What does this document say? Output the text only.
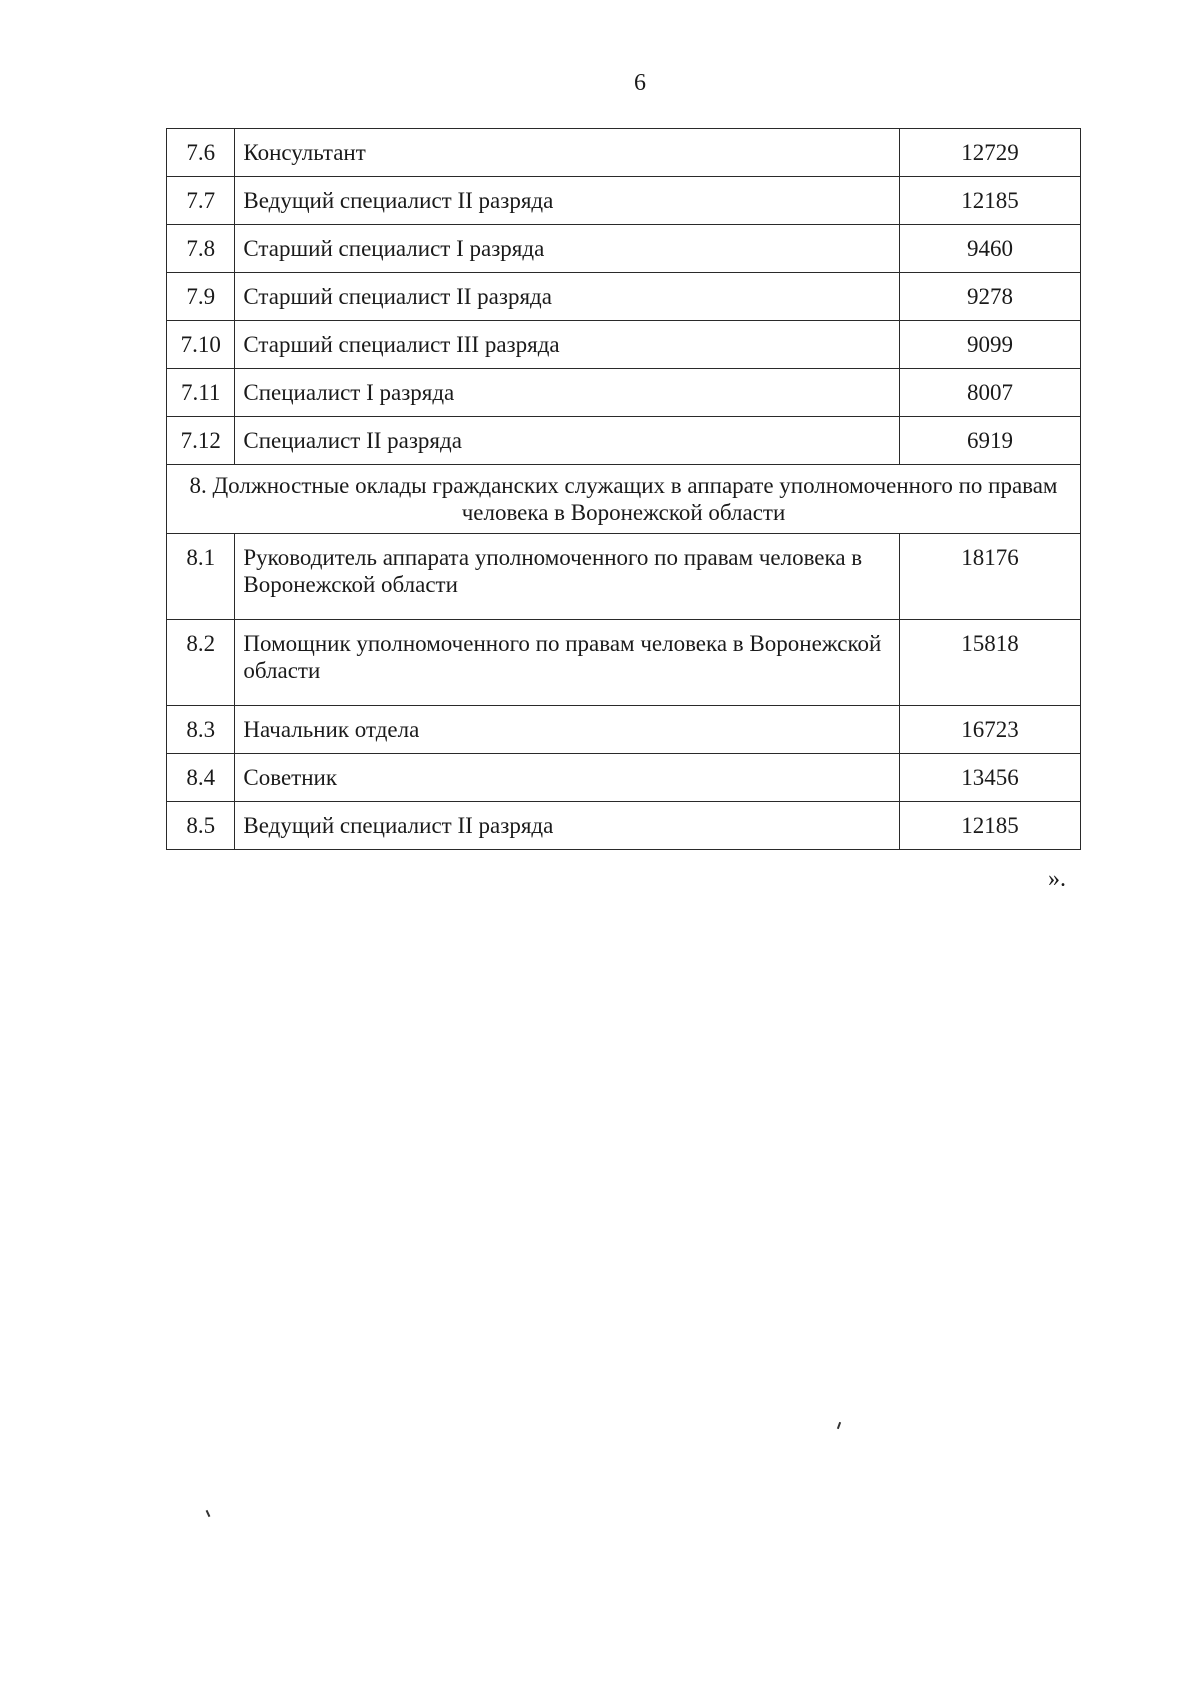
6
7.6	Консультант	12729
7.7	Ведущий специалист II разряда	12185
7.8	Старший специалист I разряда	9460
7.9	Старший специалист II разряда	9278
7.10	Старший специалист III разряда	9099
7.11	Специалист I разряда	8007
7.12	Специалист II разряда	6919
8. Должностные оклады гражданских служащих в аппарате уполномоченного по правам человека в Воронежской области		
8.1	Руководитель аппарата уполномоченного по правам человека в Воронежской области	18176
8.2	Помощник уполномоченного по правам человека в Воронежской области	15818
8.3	Начальник отдела	16723
8.4	Советник	13456
8.5	Ведущий специалист II разряда	12185
».
